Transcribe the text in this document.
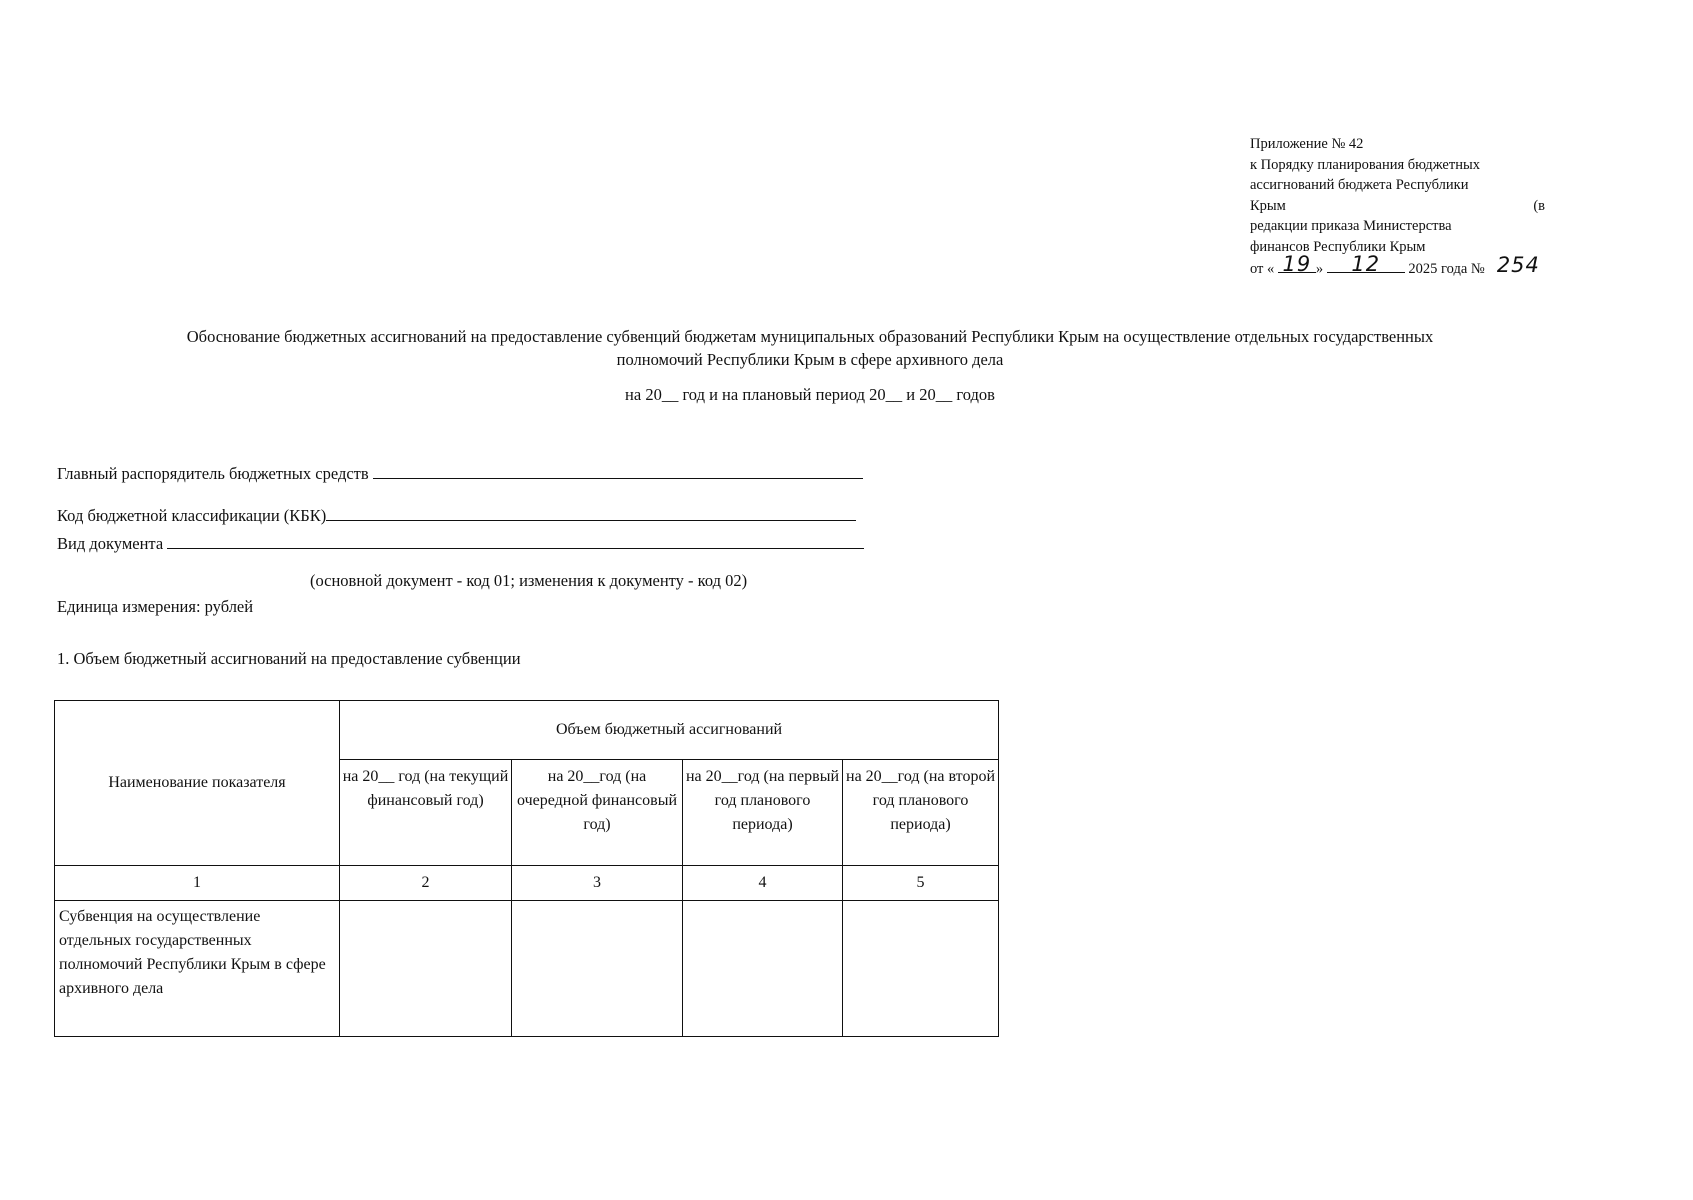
Приложение № 42
к Порядку планирования бюджетных
ассигнований бюджета Республики
Крым	(в
редакции приказа Министерства
финансов Республики Крым
от « 19 »	12	2025 года № 254
Обоснование бюджетных ассигнований на предоставление субвенций бюджетам муниципальных образований Республики Крым на осуществление отдельных государственных
полномочий Республики Крым в сфере архивного дела
на 20__ год и на плановый период 20__ и 20__ годов
Главный распорядитель бюджетных средств
Код бюджетной классификации (КБК)
Вид документа
(основной документ - код 01; изменения к документу - код 02)
Единица измерения: рублей
1. Объем бюджетный ассигнований на предоставление субвенции
Наименование показателя	Объем бюджетный ассигнований			
	на 20__ год (на текущий финансовый год)	на 20__год (на очередной финансовый год)	на 20__год (на первый год планового периода)	на 20__год (на второй год планового периода)
1	2	3	4	5
Субвенция на осуществление отдельных государственных полномочий Республики Крым в сфере архивного дела				
